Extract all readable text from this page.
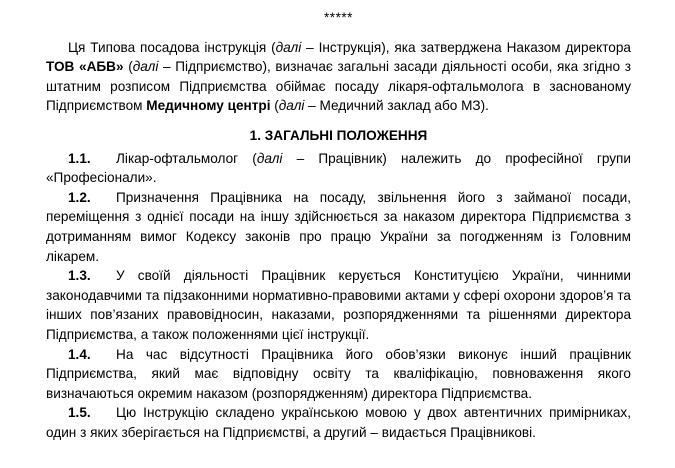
*****

Ця Типова посадова інструкція (далі – Інструкція), яка затверджена Наказом директора ТОВ «АБВ» (далі – Підприємство), визначає загальні засади діяльності особи, яка згідно з штатним розписом Підприємства обіймає посаду лікаря-офтальмолога в заснованому Підприємством Медичному центрі (далі – Медичний заклад або МЗ).

1. ЗАГАЛЬНІ ПОЛОЖЕННЯ

1.1. Лікар-офтальмолог (далі – Працівник) належить до професійної групи «Професіонали».

1.2. Призначення Працівника на посаду, звільнення його з займаної посади, переміщення з однієї посади на іншу здійснюється за наказом директора Підприємства з дотриманням вимог Кодексу законів про працю України за погодженням із Головним лікарем.

1.3. У своїй діяльності Працівник керується Конституцією України, чинними законодавчими та підзаконними нормативно-правовими актами у сфері охорони здоров’я та інших пов’язаних правовідносин, наказами, розпорядженнями та рішеннями директора Підприємства, а також положеннями цієї інструкції.

1.4. На час відсутності Працівника його обов’язки виконує інший працівник Підприємства, який має відповідну освіту та кваліфікацію, повноваження якого визначаються окремим наказом (розпорядженням) директора Підприємства.

1.5. Цю Інструкцію складено українською мовою у двох автентичних примірниках, один з яких зберігається на Підприємстві, а другий – видається Працівникові.
